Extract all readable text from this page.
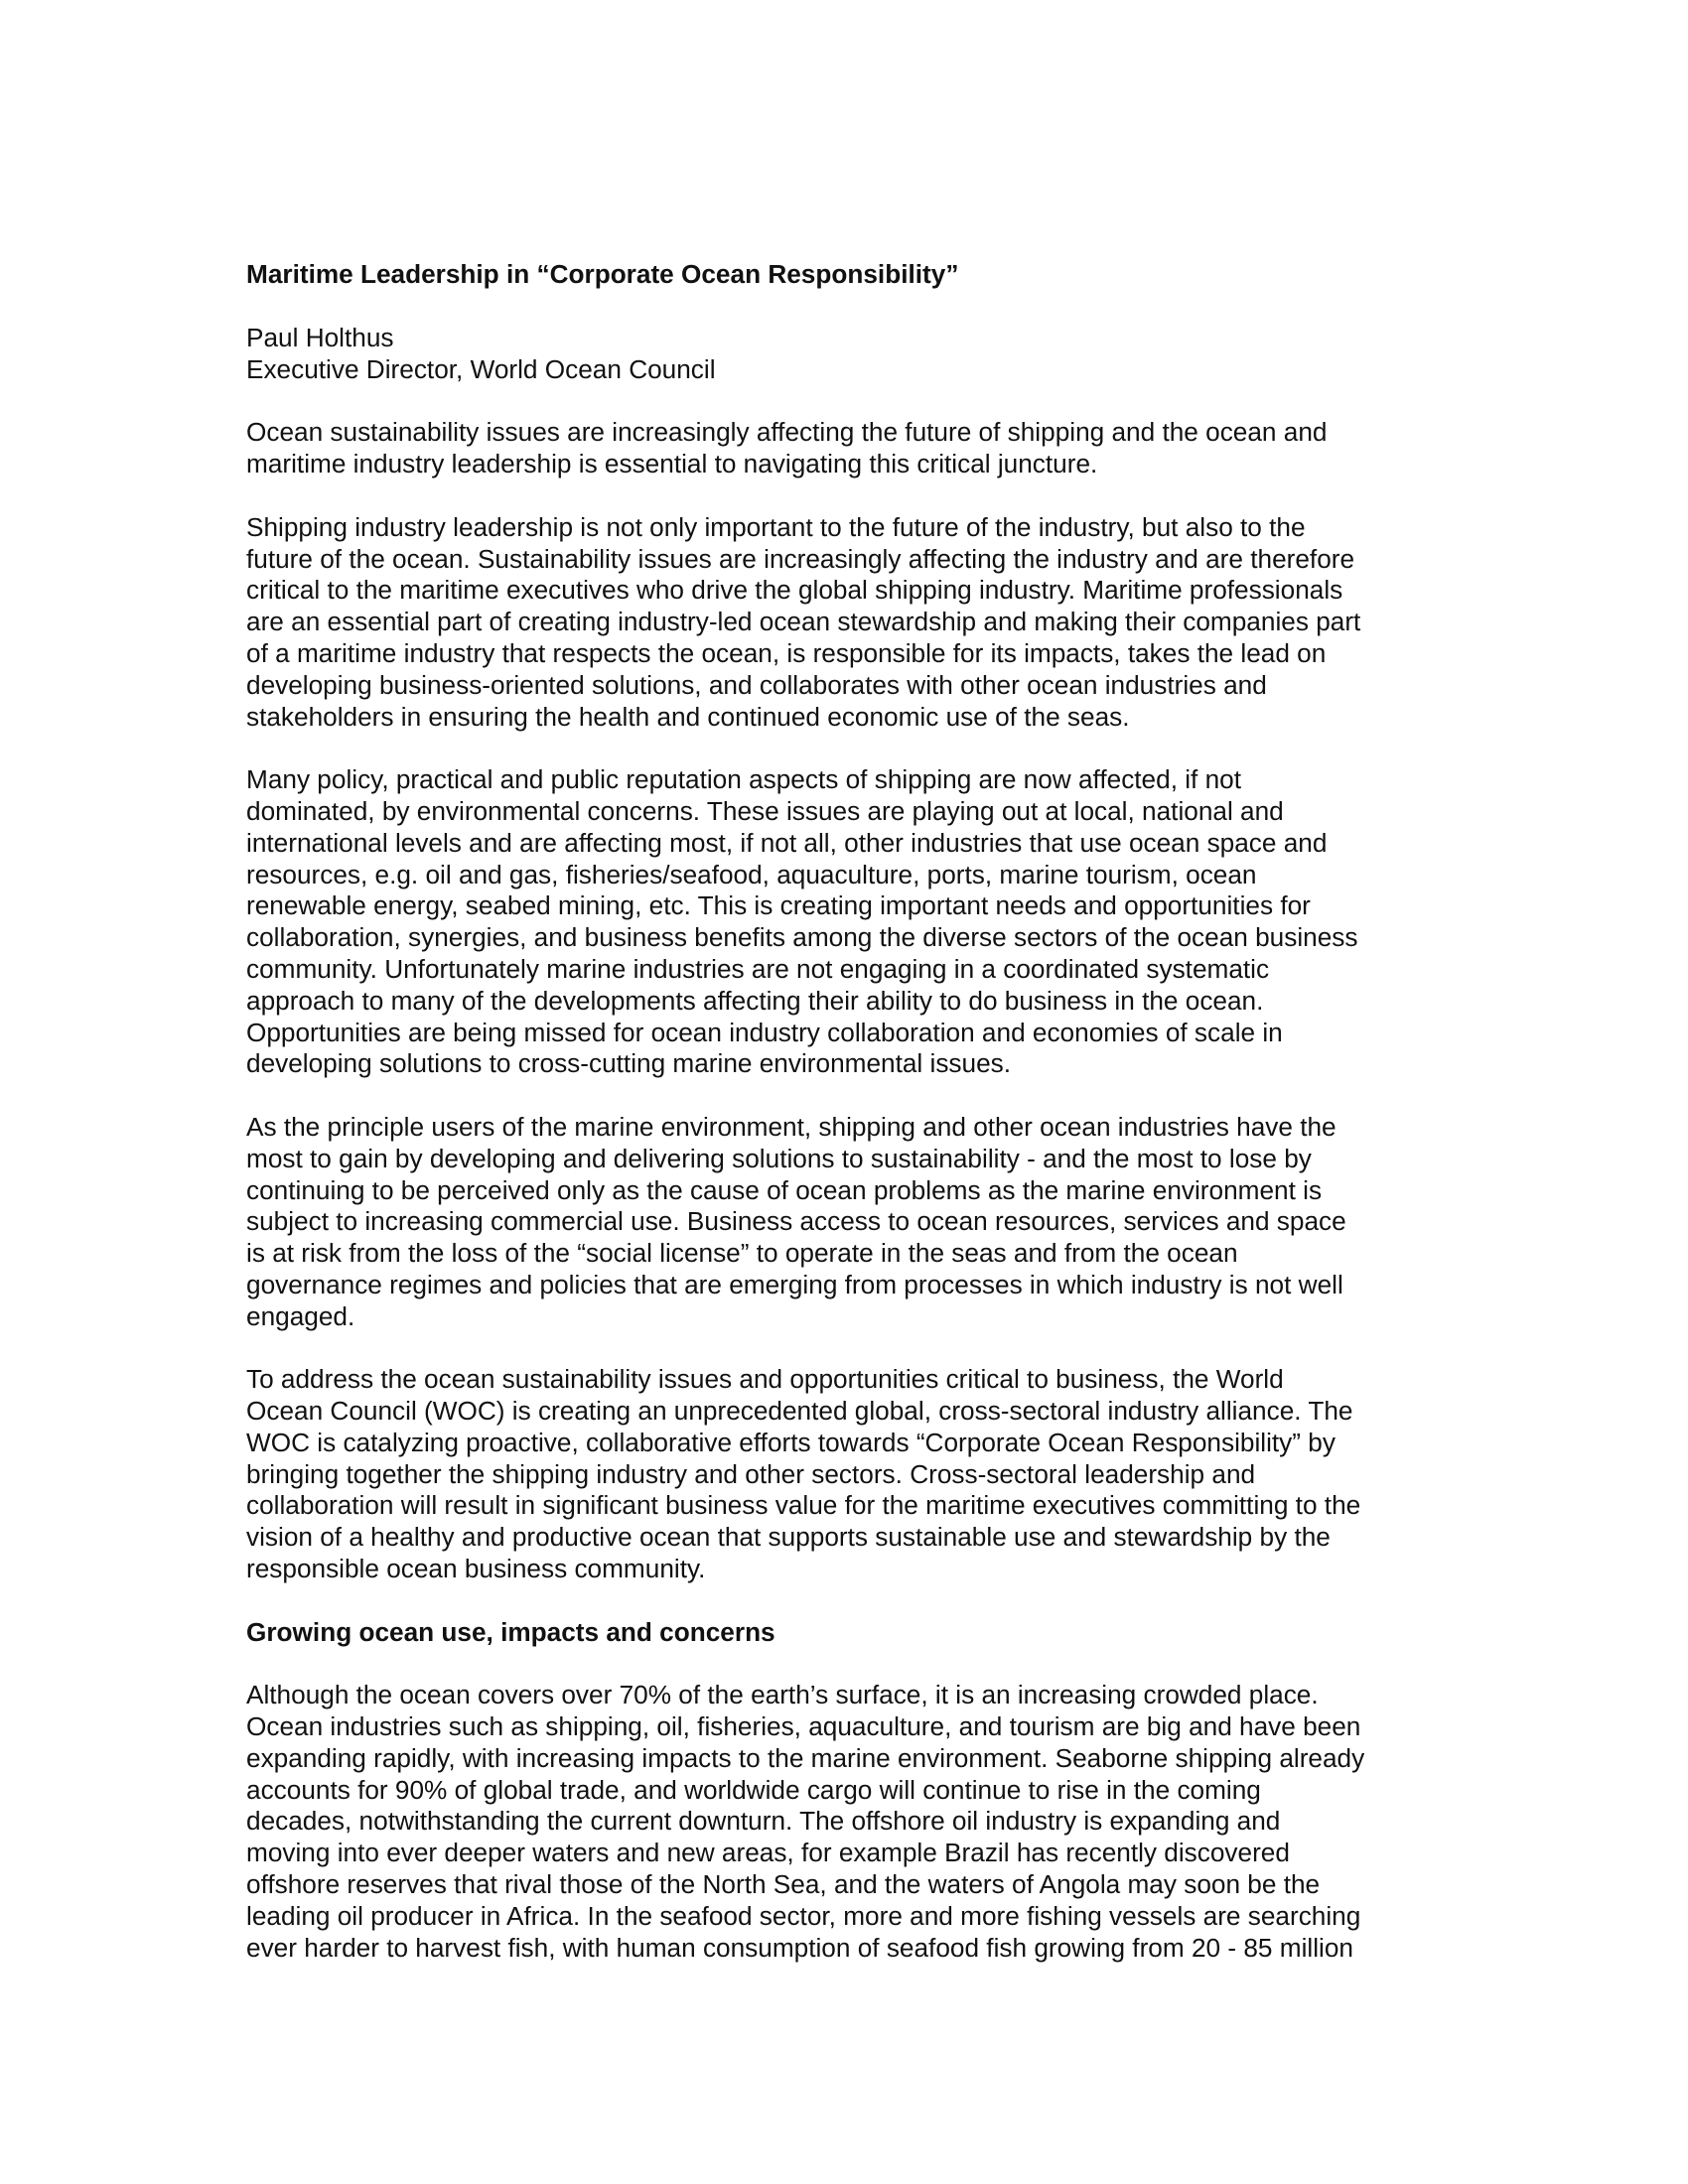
Maritime Leadership in “Corporate Ocean Responsibility”
Paul Holthus
Executive Director, World Ocean Council
Ocean sustainability issues are increasingly affecting the future of shipping and the ocean and
maritime industry leadership is essential to navigating this critical juncture.
Shipping industry leadership is not only important to the future of the industry, but also to the
future of the ocean. Sustainability issues are increasingly affecting the industry and are therefore
critical to the maritime executives who drive the global shipping industry. Maritime professionals
are an essential part of creating industry-led ocean stewardship and making their companies part
of a maritime industry that respects the ocean, is responsible for its impacts, takes the lead on
developing business-oriented solutions, and collaborates with other ocean industries and
stakeholders in ensuring the health and continued economic use of the seas.
Many policy, practical and public reputation aspects of shipping are now affected, if not
dominated, by environmental concerns. These issues are playing out at local, national and
international levels and are affecting most, if not all, other industries that use ocean space and
resources, e.g. oil and gas, fisheries/seafood, aquaculture, ports, marine tourism, ocean
renewable energy, seabed mining, etc. This is creating important needs and opportunities for
collaboration, synergies, and business benefits among the diverse sectors of the ocean business
community. Unfortunately marine industries are not engaging in a coordinated systematic
approach to many of the developments affecting their ability to do business in the ocean.
Opportunities are being missed for ocean industry collaboration and economies of scale in
developing solutions to cross-cutting marine environmental issues.
As the principle users of the marine environment, shipping and other ocean industries have the
most to gain by developing and delivering solutions to sustainability - and the most to lose by
continuing to be perceived only as the cause of ocean problems as the marine environment is
subject to increasing commercial use. Business access to ocean resources, services and space
is at risk from the loss of the “social license” to operate in the seas and from the ocean
governance regimes and policies that are emerging from processes in which industry is not well
engaged.
To address the ocean sustainability issues and opportunities critical to business, the World
Ocean Council (WOC) is creating an unprecedented global, cross-sectoral industry alliance. The
WOC is catalyzing proactive, collaborative efforts towards “Corporate Ocean Responsibility” by
bringing together the shipping industry and other sectors. Cross-sectoral leadership and
collaboration will result in significant business value for the maritime executives committing to the
vision of a healthy and productive ocean that supports sustainable use and stewardship by the
responsible ocean business community.
Growing ocean use, impacts and concerns
Although the ocean covers over 70% of the earth’s surface, it is an increasing crowded place.
Ocean industries such as shipping, oil, fisheries, aquaculture, and tourism are big and have been
expanding rapidly, with increasing impacts to the marine environment. Seaborne shipping already
accounts for 90% of global trade, and worldwide cargo will continue to rise in the coming
decades, notwithstanding the current downturn. The offshore oil industry is expanding and
moving into ever deeper waters and new areas, for example Brazil has recently discovered
offshore reserves that rival those of the North Sea, and the waters of Angola may soon be the
leading oil producer in Africa. In the seafood sector, more and more fishing vessels are searching
ever harder to harvest fish, with human consumption of seafood fish growing from 20 - 85 million
